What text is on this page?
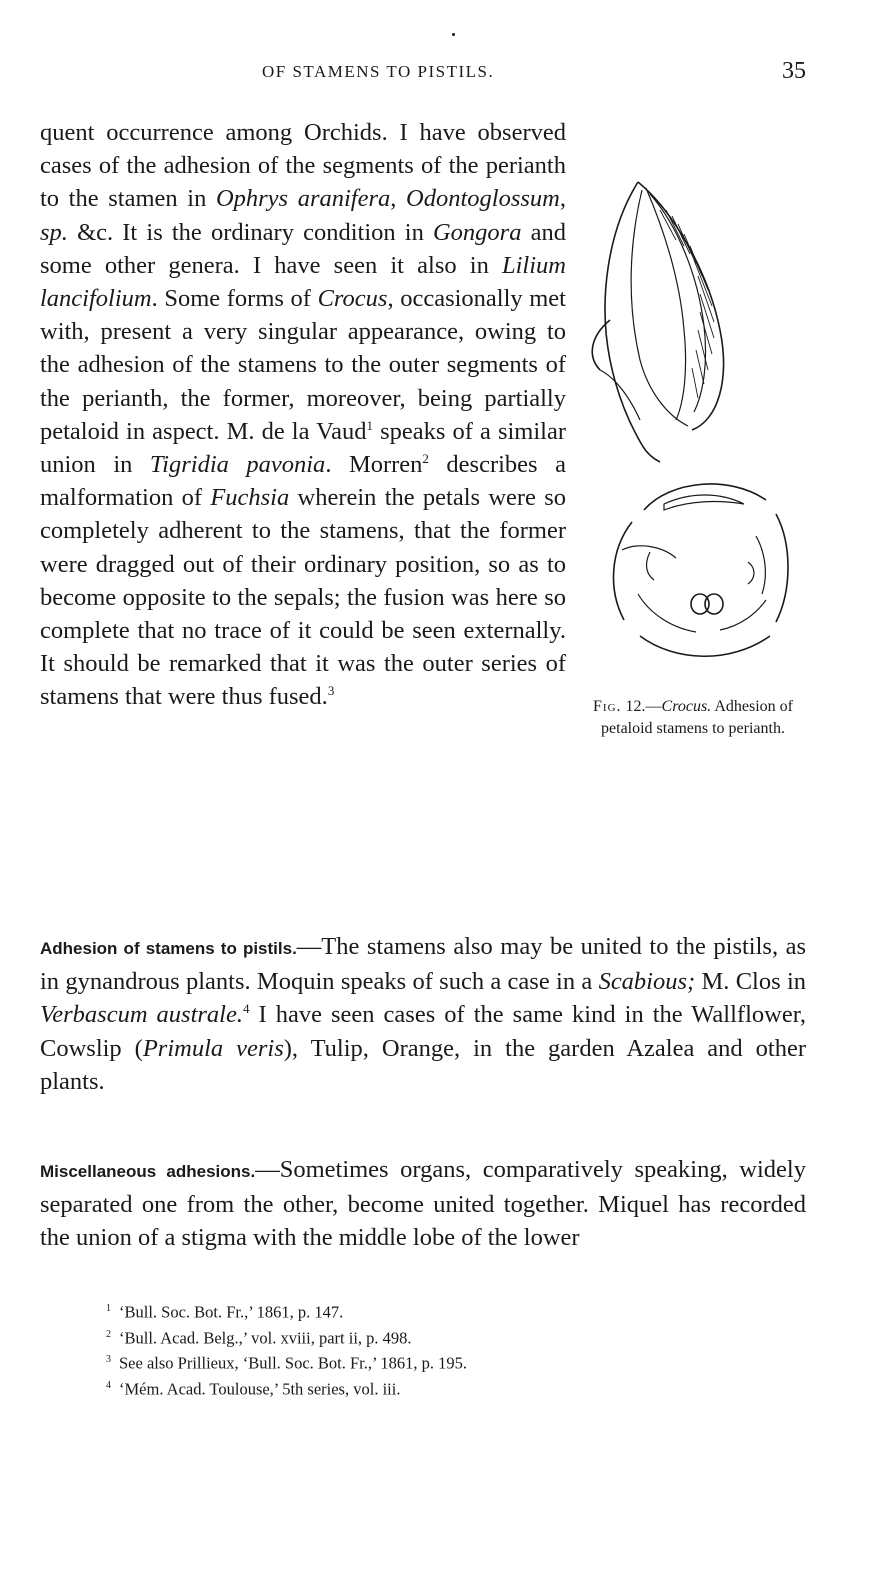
OF STAMENS TO PISTILS.	35
Fig. 12.—Crocus. Adhesion of petaloid stamens to perianth.
quent occurrence among Orchids. I have observed cases of the adhesion of the segments of the perianth to the stamen in Ophrys aranifera, Odontoglossum, sp. &c. It is the ordinary condition in Gongora and some other genera. I have seen it also in Lilium lancifolium. Some forms of Crocus, occasionally met with, present a very singular appearance, owing to the adhesion of the stamens to the outer segments of the perianth, the former, moreover, being partially petaloid in aspect. M. de la Vaud$^1$ speaks of a similar union in Tigridia pavonia. Morren$^2$ describes a malformation of Fuchsia wherein the petals were so completely adherent to the stamens, that the former were dragged out of their ordinary position, so as to become opposite to the sepals; the fusion was here so complete that no trace of it could be seen externally. It should be remarked that it was the outer series of stamens that were thus fused.$^3$
Adhesion of stamens to pistils.—The stamens also may be united to the pistils, as in gynandrous plants. Moquin speaks of such a case in a Scabious; M. Clos in Verbascum australe.$^4$ I have seen cases of the same kind in the Wallflower, Cowslip (Primula veris), Tulip, Orange, in the garden Azalea and other plants.
Miscellaneous adhesions.—Sometimes organs, comparatively speaking, widely separated one from the other, become united together. Miquel has recorded the union of a stigma with the middle lobe of the lower
$^1$ ‘Bull. Soc. Bot. Fr.,’ 1861, p. 147.
$^2$ ‘Bull. Acad. Belg.,’ vol. xviii, part ii, p. 498.
$^3$ See also Prillieux, ‘Bull. Soc. Bot. Fr.,’ 1861, p. 195.
$^4$ ‘Mém. Acad. Toulouse,’ 5th series, vol. iii.
